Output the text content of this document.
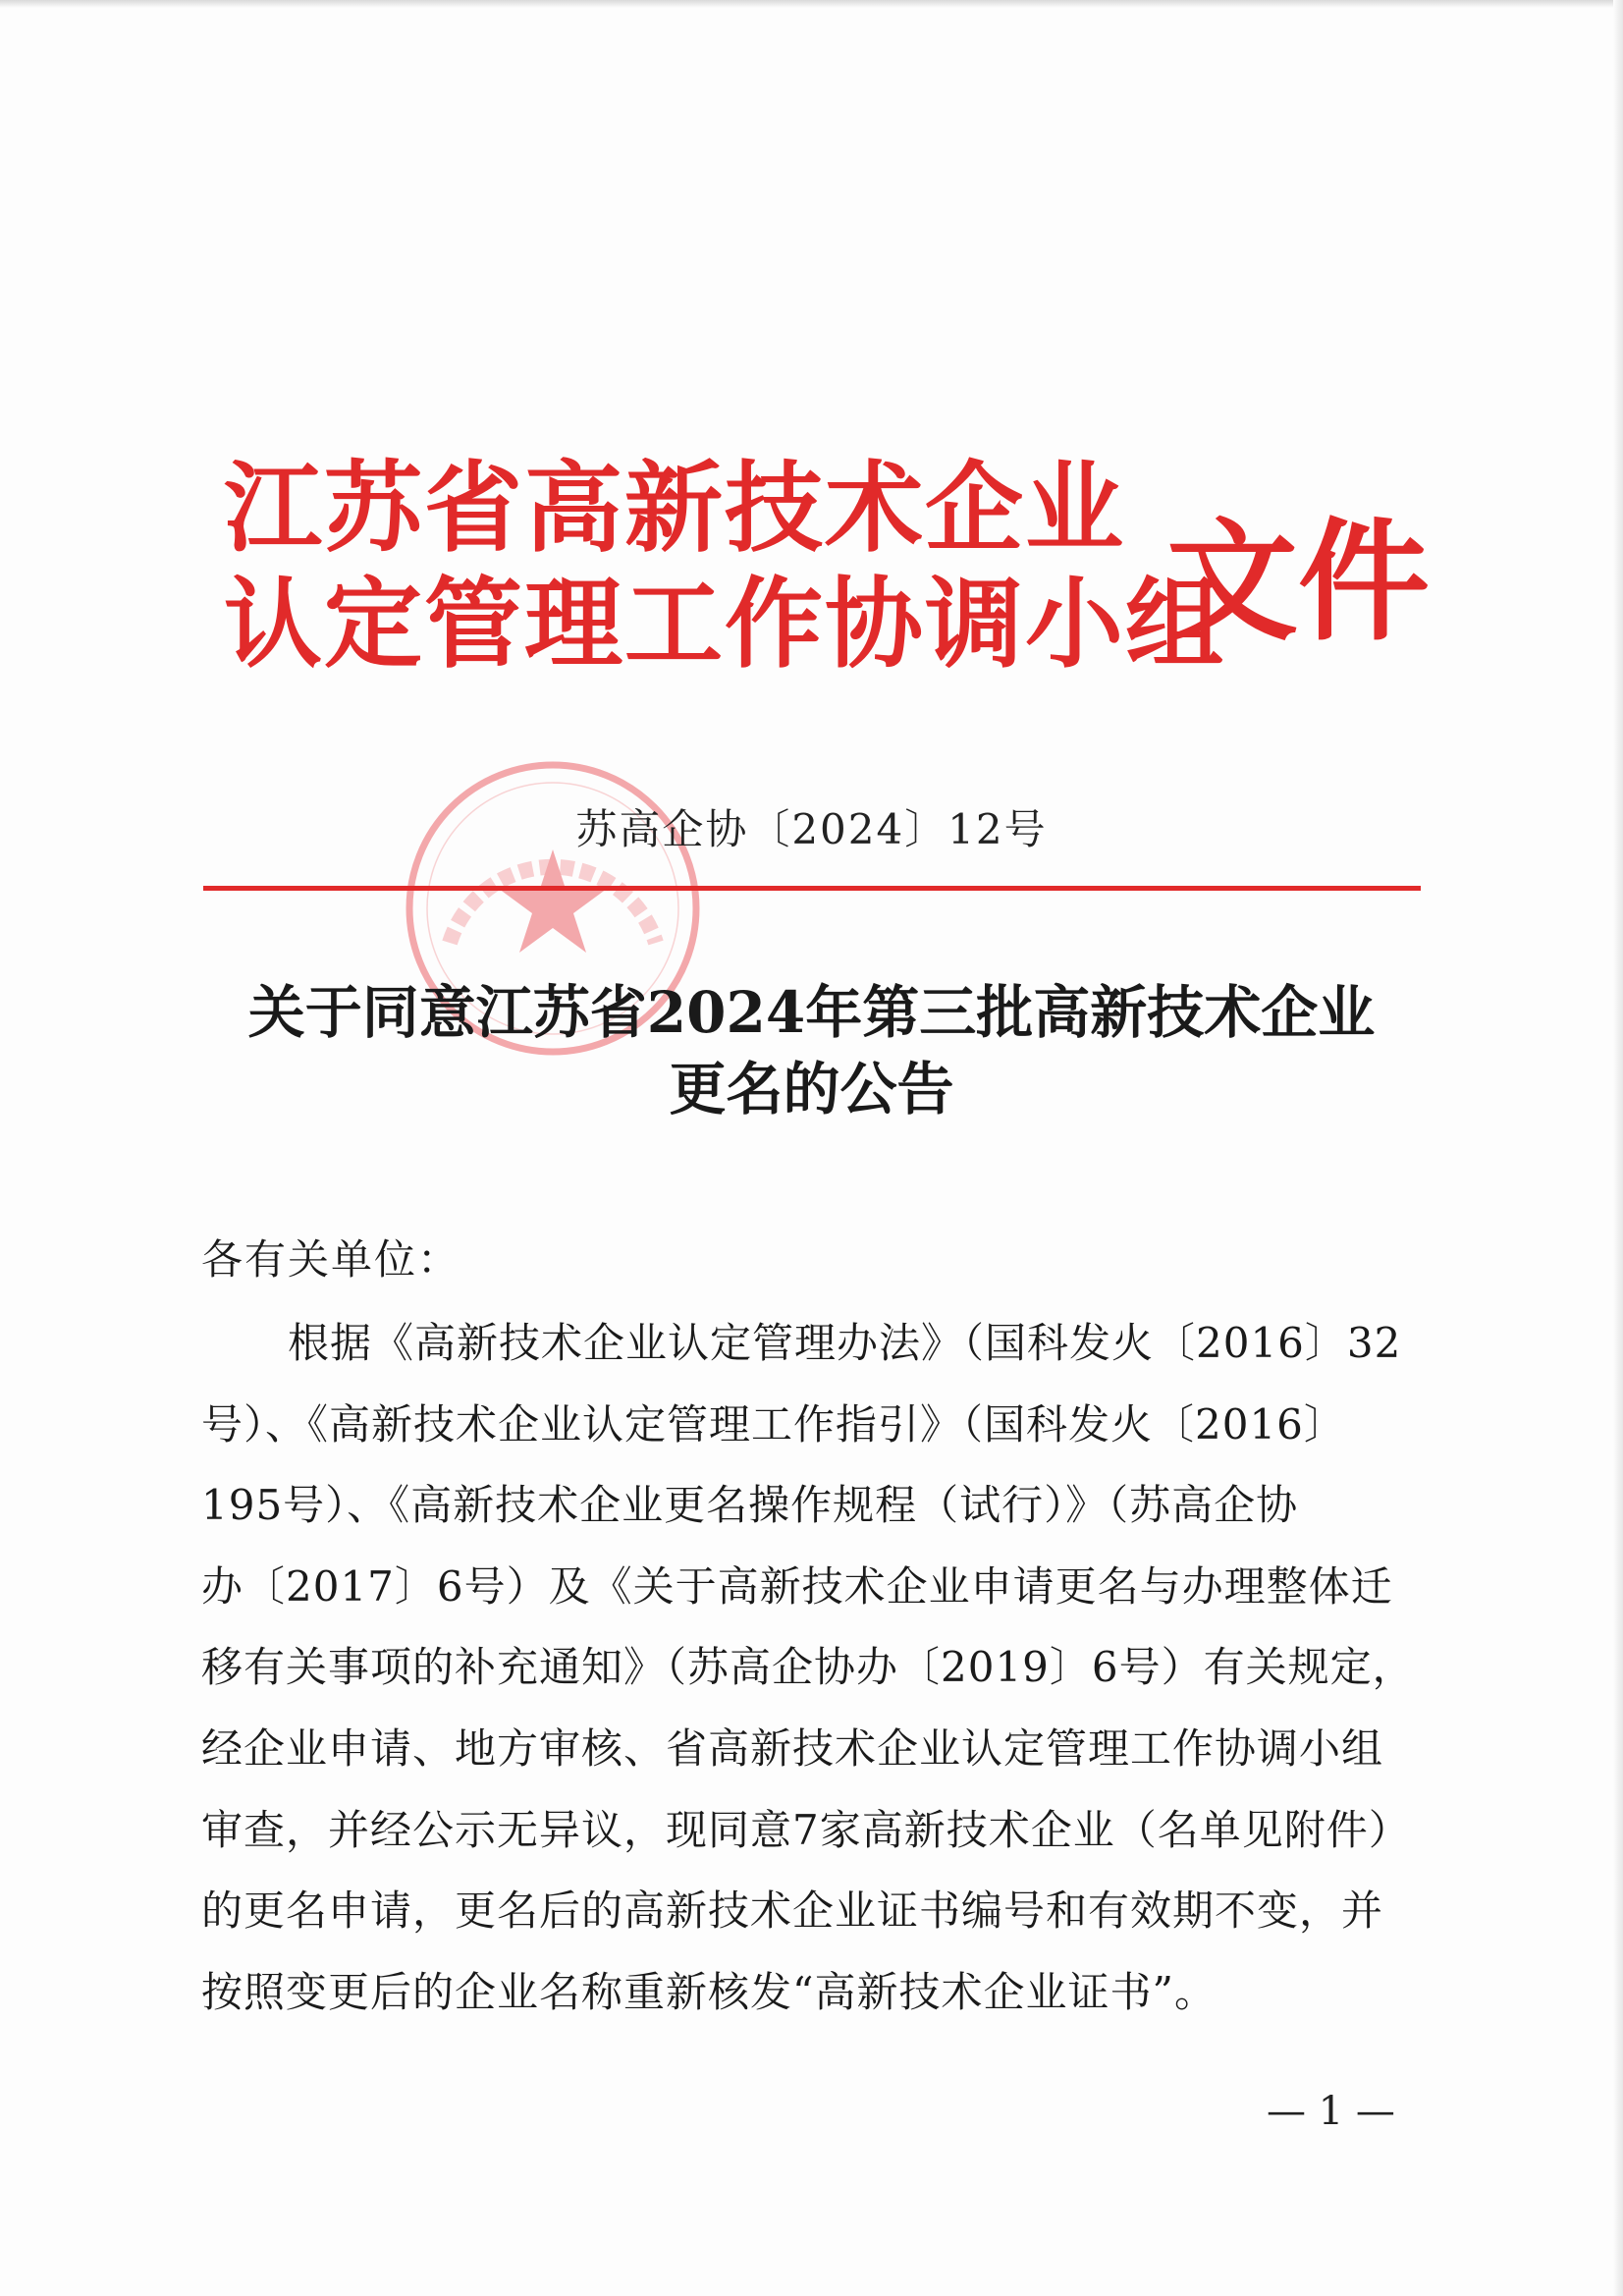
江苏省高新技术企业
认定管理工作协调小组
文件
苏高企协〔2024〕12号
关于同意江苏省2024年第三批高新技术企业
更名的公告
各有关单位：
根据《高新技术企业认定管理办法》（国科发火〔2016〕32
号）、《高新技术企业认定管理工作指引》（国科发火〔2016〕
195号）、《高新技术企业更名操作规程（试行）》（苏高企协
办〔2017〕6号）及《关于高新技术企业申请更名与办理整体迁
移有关事项的补充通知》（苏高企协办〔2019〕6号）有关规定，
经企业申请、地方审核、省高新技术企业认定管理工作协调小组
审查，并经公示无异议，现同意7家高新技术企业（名单见附件）
的更名申请，更名后的高新技术企业证书编号和有效期不变，并
按照变更后的企业名称重新核发“高新技术企业证书”。
— 1 —
